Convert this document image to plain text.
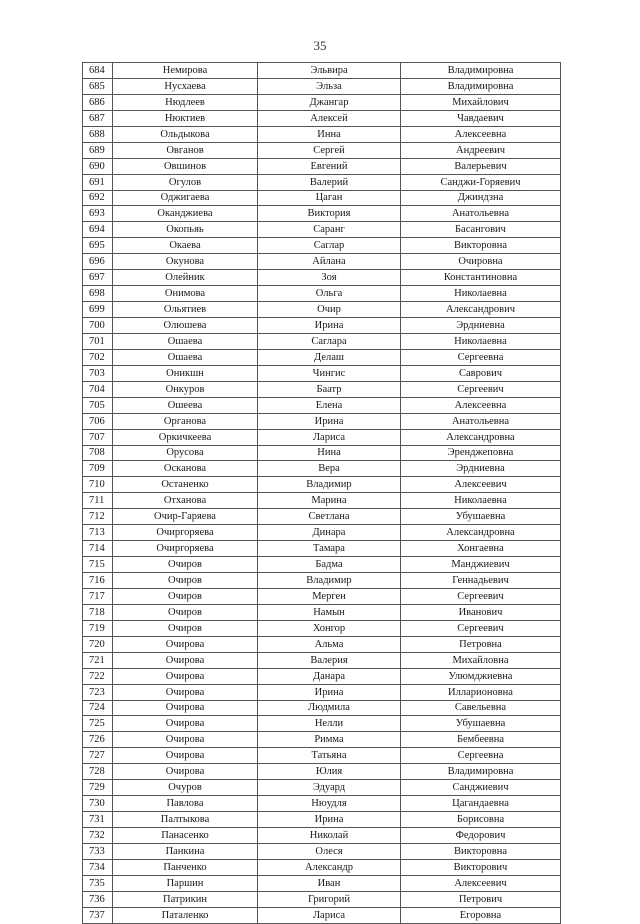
35
684	Немирова	Эльвира	Владимировна
685	Нусхаева	Эльза	Владимировна
686	Нюдлеев	Джангар	Михайлович
687	Нюктиев	Алексей	Чавдаевич
688	Ольдыкова	Инна	Алексеевна
689	Овганов	Сергей	Андреевич
690	Овшинов	Евгений	Валерьевич
691	Огулов	Валерий	Санджи-Горяевич
692	Оджигаева	Цаган	Джиндзна
693	Оканджиева	Виктория	Анатольевна
694	Окопьяь	Саранг	Басангович
695	Окаева	Саглар	Викторовна
696	Окунова	Айлана	Очировна
697	Олейник	Зоя	Константиновна
698	Онимова	Ольга	Николаевна
699	Ольятиев	Очир	Александрович
700	Олюшева	Ирина	Эрдниевна
701	Ошаева	Саглара	Николаевна
702	Ошаева	Делаш	Сергеевна
703	Оникшн	Чингис	Саврович
704	Онкуров	Баатр	Сергеевич
705	Ошеева	Елена	Алексеевна
706	Органова	Ирина	Анатольевна
707	Оркичкеева	Лариса	Александровна
708	Орусова	Нина	Эренджеповна
709	Осканова	Вера	Эрдниевна
710	Останенко	Владимир	Алексеевич
711	Отханова	Марина	Николаевна
712	Очир-Гаряева	Светлана	Убушаевна
713	Очиргоряева	Динара	Александровна
714	Очиргоряева	Тамара	Хонгаевна
715	Очиров	Бадма	Манджиевич
716	Очиров	Владимир	Геннадьевич
717	Очиров	Мерген	Сергеевич
718	Очиров	Намын	Иванович
719	Очиров	Хонгор	Сергеевич
720	Очирова	Альма	Петровна
721	Очирова	Валерия	Михайловна
722	Очирова	Данара	Улюмджиевна
723	Очирова	Ирина	Илларионовна
724	Очирова	Людмила	Савельевна
725	Очирова	Нелли	Убушаевна
726	Очирова	Римма	Бембеевна
727	Очирова	Татьяна	Сергеевна
728	Очирова	Юлия	Владимировна
729	Очуров	Эдуард	Санджиевич
730	Павлова	Нюудля	Цагандаевна
731	Палтыкова	Ирина	Борисовна
732	Панасенко	Николай	Федорович
733	Панкина	Олеся	Викторовна
734	Панченко	Александр	Викторович
735	Паршин	Иван	Алексеевич
736	Патрикин	Григорий	Петрович
737	Паталенко	Лариса	Егоровна
